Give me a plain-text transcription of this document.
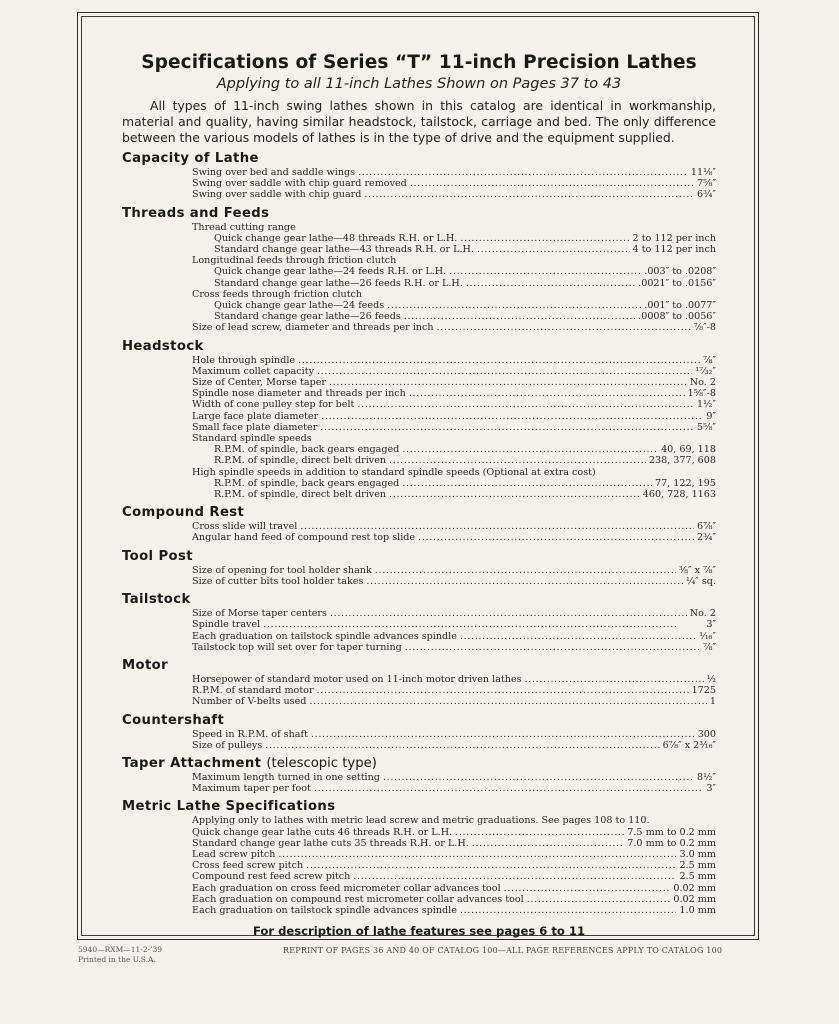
Specifications of Series “T” 11-inch Precision Lathes
Applying to all 11-inch Lathes Shown on Pages 37 to 43

All types of 11-inch swing lathes shown in this catalog are identical in workmanship, material and quality, having similar headstock, tailstock, carriage and bed. The only difference between the various models of lathes is in the type of drive and the equipment supplied.

Capacity of Lathe
Swing over bed and saddle wings . . .	11⅛″
Swing over saddle with chip guard removed . . .	7⅝″
Swing over saddle with chip guard . . .	6¾″
Threads and Feeds
Thread cutting range
Quick change gear lathe—48 threads R.H. or L.H. . . .	2 to 112 per inch
Standard change gear lathe—43 threads R.H. or L.H. . . .	4 to 112 per inch
Longitudinal feeds through friction clutch
Quick change gear lathe—24 feeds R.H. or L.H. . . .	.003″ to .0208″
Standard change gear lathe—26 feeds R.H. or L.H. . . .	.0021″ to .0156″
Cross feeds through friction clutch
Quick change gear lathe—24 feeds . . .	.001″ to .0077″
Standard change gear lathe—26 feeds . . .	.0008″ to .0056″
Size of lead screw, diameter and threads per inch . . .	⅞″-8
Headstock
Hole through spindle . . .	⅞″
Maximum collet capacity . . .	¹⁷⁄₃₂″
Size of Center, Morse taper . . .	No. 2
Spindle nose diameter and threads per inch . . .	1⅝″-8
Width of cone pulley step for belt . . .	1½″
Large face plate diameter . . .	9″
Small face plate diameter . . .	5⅝″
Standard spindle speeds
R.P.M. of spindle, back gears engaged . . .	40, 69, 118
R.P.M. of spindle, direct belt driven . . .	238, 377, 608
High spindle speeds in addition to standard spindle speeds (Optional at extra cost)
R.P.M. of spindle, back gears engaged . . .	77, 122, 195
R.P.M. of spindle, direct belt driven . . .	460, 728, 1163
Compound Rest
Cross slide will travel . . .	6⅞″
Angular hand feed of compound rest top slide . . .	2¾″
Tool Post
Size of opening for tool holder shank . . .	⅜″ x ⅞″
Size of cutter bits tool holder takes . . .	¼″ sq.
Tailstock
Size of Morse taper centers . . .	No. 2
Spindle travel . . .	3″
Each graduation on tailstock spindle advances spindle . . .	¹⁄₁₆″
Tailstock top will set over for taper turning . . .	⅞″
Motor
Horsepower of standard motor used on 11-inch motor driven lathes . . .	½
R.P.M. of standard motor . . .	1725
Number of V-belts used . . .	1
Countershaft
Speed in R.P.M. of shaft . . .	300
Size of pulleys . . .	6⅞″ x 2³⁄₁₆″
Taper Attachment (telescopic type)
Maximum length turned in one setting . . .	8½″
Maximum taper per foot . . .	3″
Metric Lathe Specifications
Applying only to lathes with metric lead screw and metric graduations. See pages 108 to 110.
Quick change gear lathe cuts 46 threads R.H. or L.H. . . .	7.5 mm to 0.2 mm
Standard change gear lathe cuts 35 threads R.H. or L.H. . . .	7.0 mm to 0.2 mm
Lead screw pitch . . .	3.0 mm
Cross feed screw pitch . . .	2.5 mm
Compound rest feed screw pitch . . .	2.5 mm
Each graduation on cross feed micrometer collar advances tool . . .	0.02 mm
Each graduation on compound rest micrometer collar advances tool . . .	0.02 mm
Each graduation on tailstock spindle advances spindle . . .	1.0 mm
For description of lathe features see pages 6 to 11
5940—RXM—11-2-’39
Printed in the U.S.A.
REPRINT OF PAGES 36 AND 40 OF CATALOG 100—ALL PAGE REFERENCES APPLY TO CATALOG 100
